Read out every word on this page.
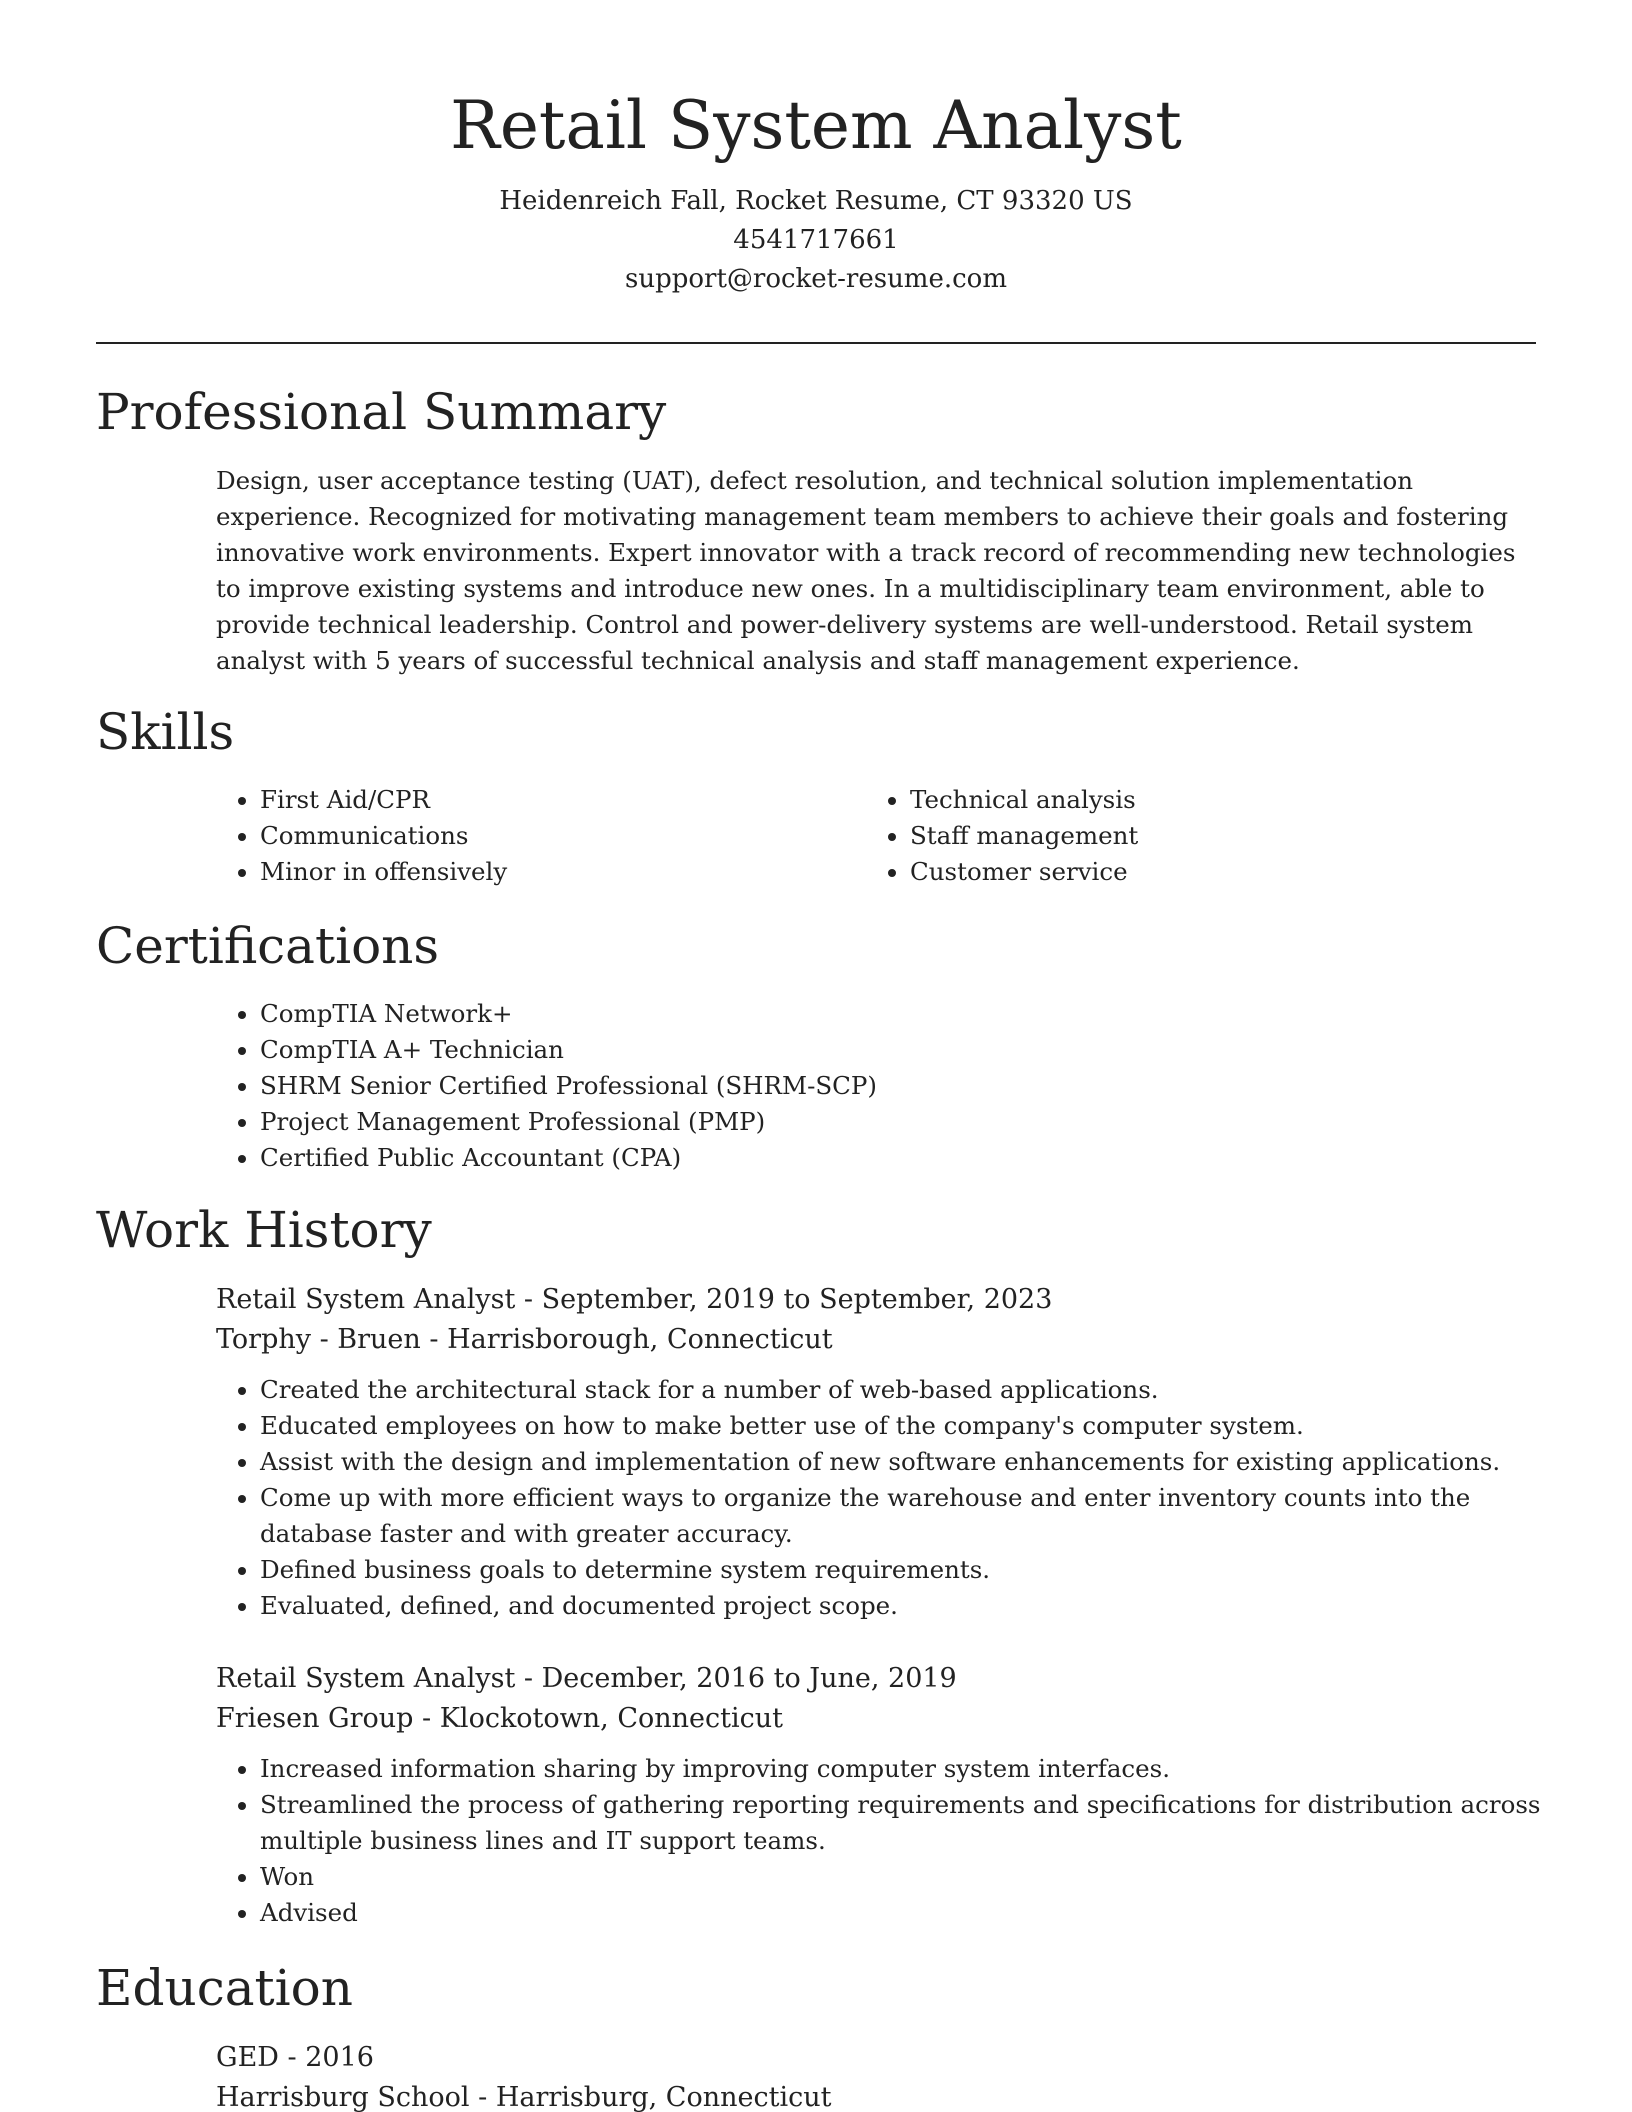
Retail System Analyst
Heidenreich Fall, Rocket Resume, CT 93320 US
4541717661
support@rocket-resume.com
Professional Summary

Design, user acceptance testing (UAT), defect resolution, and technical solution implementation experience. Recognized for motivating management team members to achieve their goals and fostering innovative work environments. Expert innovator with a track record of recommending new technologies to improve existing systems and introduce new ones. In a multidisciplinary team environment, able to provide technical leadership. Control and power-delivery systems are well-understood. Retail system analyst with 5 years of successful technical analysis and staff management experience.

Skills
• First Aid/CPR
• Communications
• Minor in offensively
• Technical analysis
• Staff management
• Customer service
Certifications
• CompTIA Network+
• CompTIA A+ Technician
• SHRM Senior Certified Professional (SHRM-SCP)
• Project Management Professional (PMP)
• Certified Public Accountant (CPA)
Work History
Retail System Analyst - September, 2019 to September, 2023
Torphy - Bruen - Harrisborough, Connecticut
• Created the architectural stack for a number of web-based applications.
• Educated employees on how to make better use of the company's computer system.
• Assist with the design and implementation of new software enhancements for existing applications.
• Come up with more efficient ways to organize the warehouse and enter inventory counts into the database faster and with greater accuracy.
• Defined business goals to determine system requirements.
• Evaluated, defined, and documented project scope.
Retail System Analyst - December, 2016 to June, 2019
Friesen Group - Klockotown, Connecticut
• Increased information sharing by improving computer system interfaces.
• Streamlined the process of gathering reporting requirements and specifications for distribution across multiple business lines and IT support teams.
• Won
• Advised
Education
GED - 2016
Harrisburg School - Harrisburg, Connecticut
